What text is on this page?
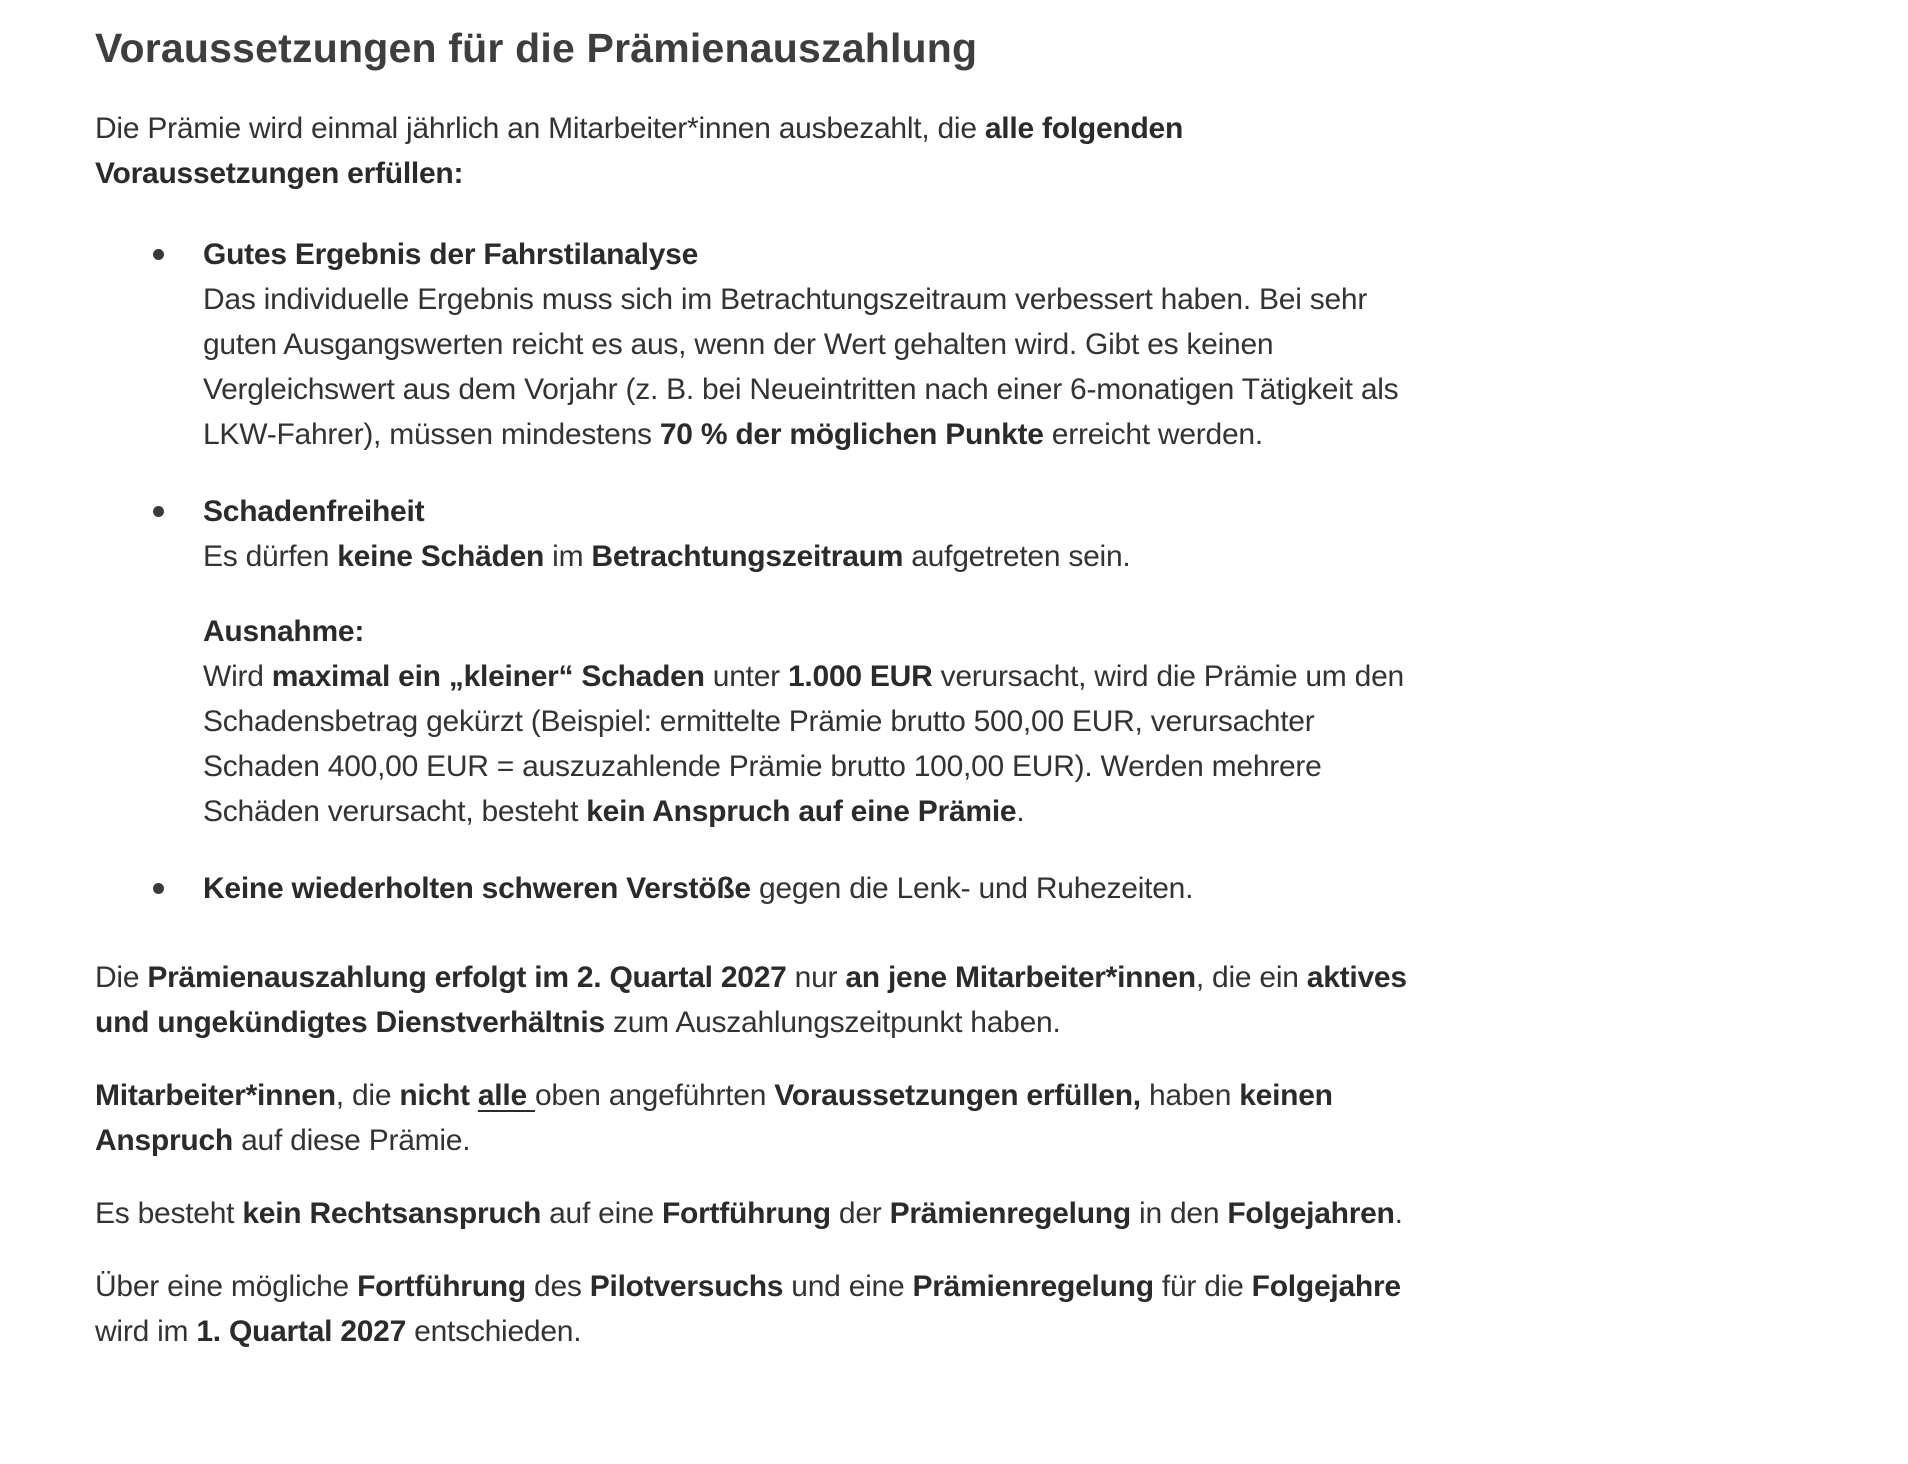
Voraussetzungen für die Prämienauszahlung

Die Prämie wird einmal jährlich an Mitarbeiter*innen ausbezahlt, die alle folgenden Voraussetzungen erfüllen:

Gutes Ergebnis der Fahrstilanalyse
Das individuelle Ergebnis muss sich im Betrachtungszeitraum verbessert haben. Bei sehr guten Ausgangswerten reicht es aus, wenn der Wert gehalten wird. Gibt es keinen Vergleichswert aus dem Vorjahr (z. B. bei Neueintritten nach einer 6-monatigen Tätigkeit als LKW-Fahrer), müssen mindestens 70 % der möglichen Punkte erreicht werden.
Schadenfreiheit
Es dürfen keine Schäden im Betrachtungszeitraum aufgetreten sein.
Ausnahme:
Wird maximal ein „kleiner“ Schaden unter 1.000 EUR verursacht, wird die Prämie um den Schadensbetrag gekürzt (Beispiel: ermittelte Prämie brutto 500,00 EUR, verursachter Schaden 400,00 EUR = auszuzahlende Prämie brutto 100,00 EUR). Werden mehrere Schäden verursacht, besteht kein Anspruch auf eine Prämie.
Keine wiederholten schweren Verstöße gegen die Lenk- und Ruhezeiten.

Die Prämienauszahlung erfolgt im 2. Quartal 2027 nur an jene Mitarbeiter*innen, die ein aktives und ungekündigtes Dienstverhältnis zum Auszahlungszeitpunkt haben.

Mitarbeiter*innen, die nicht alle oben angeführten Voraussetzungen erfüllen, haben keinen Anspruch auf diese Prämie.

Es besteht kein Rechtsanspruch auf eine Fortführung der Prämienregelung in den Folgejahren.

Über eine mögliche Fortführung des Pilotversuchs und eine Prämienregelung für die Folgejahre wird im 1. Quartal 2027 entschieden.
